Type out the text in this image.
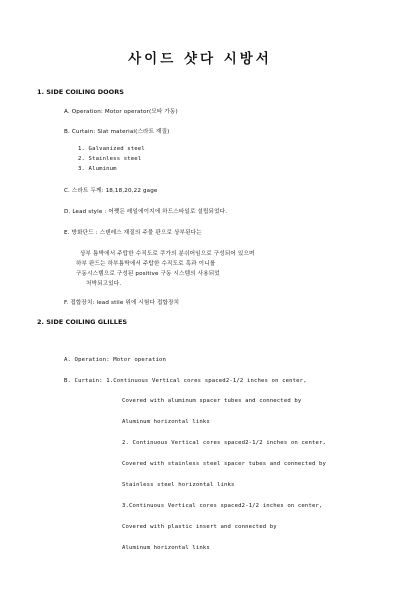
사이드 샷다 시방서
1. SIDE COILING DOORS
A. Operation: Motor operator(모타 가동)
B. Curtain: Slat material(스라트 재질)
1. Galvanized steel
2. Stainless steel
3. Aluminum
C. 스라트 두께: 18,18,20,22 gage
D. Lead style : 어쨋든 레일에이지에 하드스타일로 설립되었다.
E. 방화단드 : 스텐레스 재질의 주물 판으로 상부된다는
상부 틈박에서 주탑한 수직도로 쿠가의 분쉬어임으로 구성되어 있으며
하부 판드는 하부틈박에서 주탑한 수직도로 혹과 이니를
구동시스템으로 구성된 positive 구동 시스템의 사용되었
처박되고있다.
F. 접합장치: lead stile 위에 시험다 접합장치
2. SIDE COILING GLILLES
A. Operation: Motor operation
B. Curtain: 1.Continuous Vertical cores spaced2-1/2 inches on center,
Covered with aluminum spacer tubes and connected by
Aluminum horizontal links
2. Continuous Vertical cores spaced2-1/2 inches on center,
Covered with stainless steel spacer tubes and connected by
Stainless steel horizontal links
3.Continuous Vertical cores spaced2-1/2 inches on center,
Covered with plastic insert and connected by
Aluminum horizontal links
